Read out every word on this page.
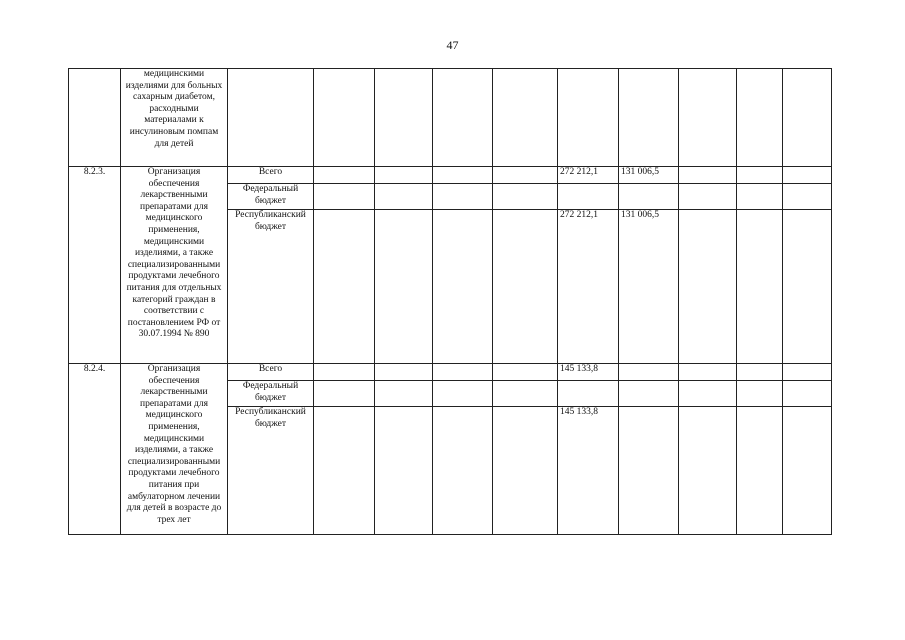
47
	медицинскими изделиями для больных сахарным диабетом, расходными материалами к инсулиновым помпам для детей										
8.2.3.	Организация обеспечения лекарственными препаратами для медицинского применения, медицинскими изделиями, а также специализированными продуктами лечебного питания для отдельных категорий граждан в соответствии с постановлением РФ от 30.07.1994 № 890	Всего					272 212,1	131 006,5			
		Федеральный бюджет									
		Республиканский бюджет					272 212,1	131 006,5			
8.2.4.	Организация обеспечения лекарственными препаратами для медицинского применения, медицинскими изделиями, а также специализированными продуктами лечебного питания при амбулаторном лечении для детей в возрасте до трех лет	Всего					145 133,8				
		Федеральный бюджет									
		Республиканский бюджет					145 133,8				
